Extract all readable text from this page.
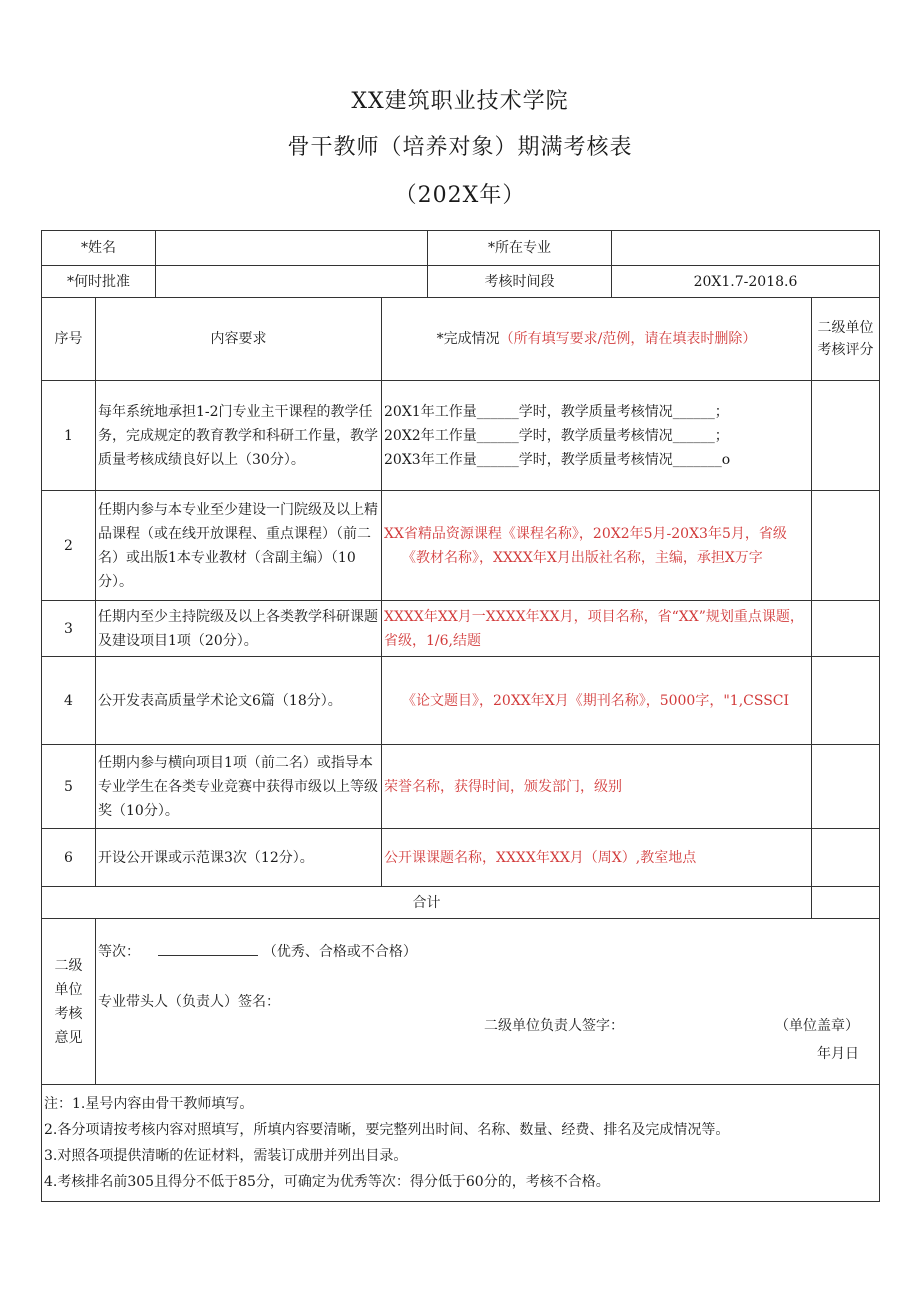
XX建筑职业技术学院
骨干教师（培养对象）期满考核表
（202X年）
*姓名				*所在专业		
*何时批准				考核时间段	20X1.7-2018.6	
序号	内容要求		*完成情况（所有填写要求/范例，请在填表时删除）			二级单位考核评分
1	每年系统地承担1-2门专业主干课程的教学任务，完成规定的教育教学和科研工作量，教学质量考核成绩良好以上（30分）。		20X1年工作量______学时，教学质量考核情况______；
20X2年工作量______学时，教学质量考核情况______；
20X3年工作量______学时，教学质量考核情况_______o			

2	任期内参与本专业至少建设一门院级及以上精品课程（或在线开放课程、重点课程）（前二名）或出版1本专业教材（含副主编）（10分）。		XX省精品资源课程《课程名称》，20X2年5月-20X3年5月，省级
《教材名称》，XXXX年X月出版社名称，主编，承担X万字			

3	任期内至少主持院级及以上各类教学科研课题及建设项目1项（20分）。		XXXX年XX月一XXXX年XX月，项目名称，省“XX”规划重点课题，省级，1/6,结题			

4	公开发表高质量学术论文6篇（18分）。		《论文题目》，20XX年X月《期刊名称》，5000字，"1,CSSCI			

5	任期内参与横向项目1项（前二名）或指导本专业学生在各类专业竞赛中获得市级以上等级奖（10分）。		荣誉名称，获得时间，颁发部门，级别			

6	开设公开课或示范课3次（12分）。		公开课课题名称，XXXX年XX月（周X）,教室地点			

合计						
二级单位考核意见	等次： （优秀、合格或不合格）
专业带头人（负责人）签名：
二级单位负责人签字： （单位盖章）
年月日					

注：1.星号内容由骨干教师填写。
2.各分项请按考核内容对照填写，所填内容要清晰，要完整列出时间、名称、数量、经费、排名及完成情况等。
3.对照各项提供清晰的佐证材料，需装订成册并列出目录。
4.考核排名前305且得分不低于85分，可确定为优秀等次：得分低于60分的，考核不合格。						
